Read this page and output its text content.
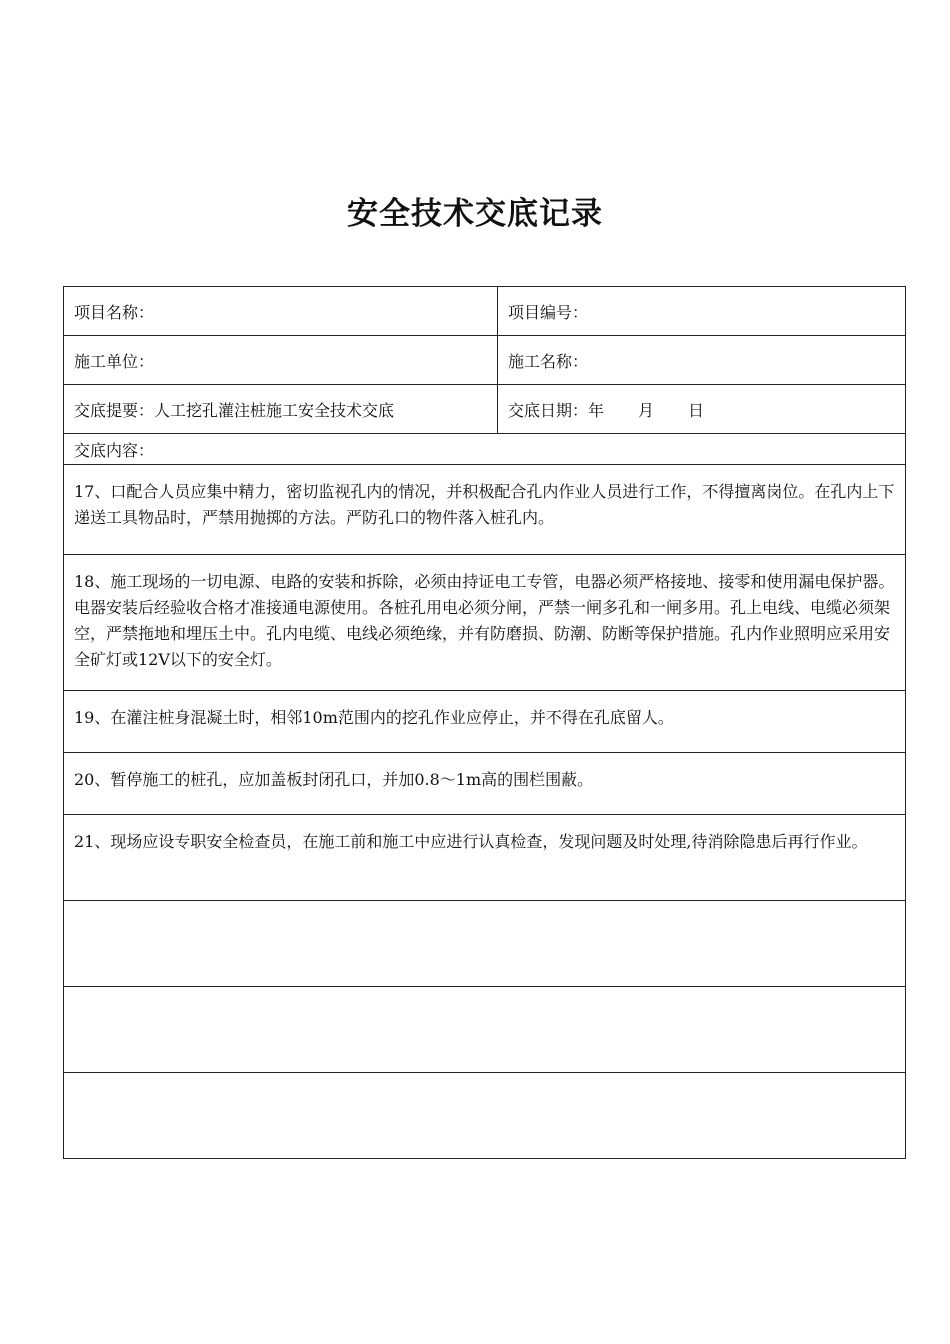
安全技术交底记录
项目名称：	项目编号：
施工单位：	施工名称：
交底提要：人工挖孔灌注桩施工安全技术交底	交底日期：年 月 日
交底内容：	
17、口配合人员应集中精力，密切监视孔内的情况，并积极配合孔内作业人员进行工作，不得擅离岗位。在孔内上下递送工具物品时，严禁用抛掷的方法。严防孔口的物件落入桩孔内。	
18、施工现场的一切电源、电路的安装和拆除，必须由持证电工专管，电器必须严格接地、接零和使用漏电保护器。电器安装后经验收合格才准接通电源使用。各桩孔用电必须分闸，严禁一闸多孔和一闸多用。孔上电线、电缆必须架空，严禁拖地和埋压土中。孔内电缆、电线必须绝缘，并有防磨损、防潮、防断等保护措施。孔内作业照明应采用安全矿灯或12V以下的安全灯。	
19、在灌注桩身混凝土时，相邻10m范围内的挖孔作业应停止，并不得在孔底留人。	
20、暂停施工的桩孔，应加盖板封闭孔口，并加0.8～1m高的围栏围蔽。	
21、现场应设专职安全检查员，在施工前和施工中应进行认真检查，发现问题及时处理,待消除隐患后再行作业。	
